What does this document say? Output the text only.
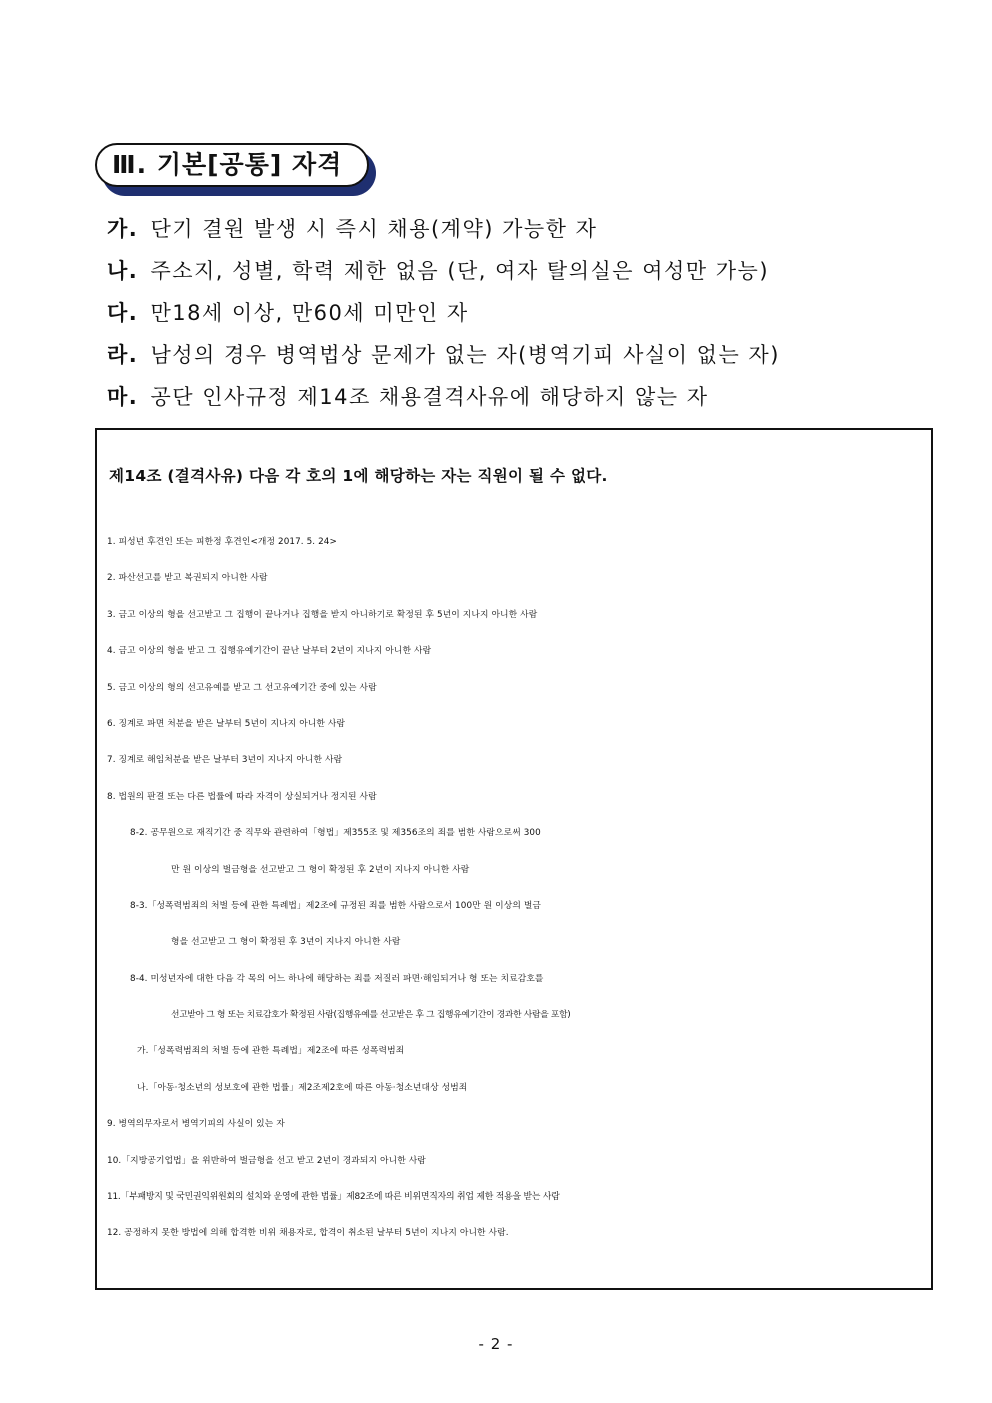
Ⅲ. 기본[공통] 자격
가. 단기 결원 발생 시 즉시 채용(계약) 가능한 자
나. 주소지, 성별, 학력 제한 없음 (단, 여자 탈의실은 여성만 가능)
다. 만18세 이상, 만60세 미만인 자
라. 남성의 경우 병역법상 문제가 없는 자(병역기피 사실이 없는 자)
마. 공단 인사규정 제14조 채용결격사유에 해당하지 않는 자
제14조 (결격사유) 다음 각 호의 1에 해당하는 자는 직원이 될 수 없다.
1. 피성년 후견인 또는 피한정 후견인<개정 2017. 5. 24>
2. 파산선고를 받고 복권되지 아니한 사람
3. 금고 이상의 형을 선고받고 그 집행이 끝나거나 집행을 받지 아니하기로 확정된 후 5년이 지나지 아니한 사람
4. 금고 이상의 형을 받고 그 집행유예기간이 끝난 날부터 2년이 지나지 아니한 사람
5. 금고 이상의 형의 선고유예를 받고 그 선고유예기간 중에 있는 사람
6. 징계로 파면 처분을 받은 날부터 5년이 지나지 아니한 사람
7. 징계로 해임처분을 받은 날부터 3년이 지나지 아니한 사람
8. 법원의 판결 또는 다른 법률에 따라 자격이 상실되거나 정지된 사람
8-2. 공무원으로 재직기간 중 직무와 관련하여「형법」제355조 및 제356조의 죄를 범한 사람으로써 300
만 원 이상의 벌금형을 선고받고 그 형이 확정된 후 2년이 지나지 아니한 사람
8-3.「성폭력범죄의 처벌 등에 관한 특례법」제2조에 규정된 죄를 범한 사람으로서 100만 원 이상의 벌금
형을 선고받고 그 형이 확정된 후 3년이 지나지 아니한 사람
8-4. 미성년자에 대한 다음 각 목의 어느 하나에 해당하는 죄를 저질러 파면·해임되거나 형 또는 치료감호를
선고받아 그 형 또는 치료감호가 확정된 사람(집행유예를 선고받은 후 그 집행유예기간이 경과한 사람을 포함)
가.「성폭력범죄의 처벌 등에 관한 특례법」제2조에 따른 성폭력범죄
나.「아동·청소년의 성보호에 관한 법률」제2조제2호에 따른 아동·청소년대상 성범죄
9. 병역의무자로서 병역기피의 사실이 있는 자
10.「지방공기업법」을 위반하여 벌금형을 선고 받고 2년이 경과되지 아니한 사람
11.「부패방지 및 국민권익위원회의 설치와 운영에 관한 법률」제82조에 따른 비위면직자의 취업 제한 적용을 받는 사람
12. 공정하지 못한 방법에 의해 합격한 비위 채용자로, 합격이 취소된 날부터 5년이 지나지 아니한 사람.
- 2 -
